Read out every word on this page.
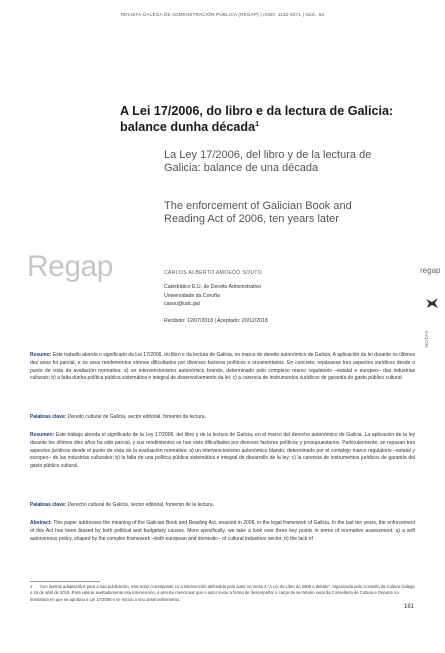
REVISTA GALEGA DE ADMINISTRACIÓN PÚBLICA (REGAP) | ISSN: 1132-8371 | Núm. 56
A Lei 17/2006, do libro e da lectura de Galicia: balance dunha década$^1$
La Ley 17/2006, del libro y de la lectura de Galicia: balance de una década
The enforcement of Galician Book and Reading Act of 2006, ten years later
Regap	CARLOS ALBERTO AMOEDO SOUTO
Catedrático E.U. de Dereito Administrativo
Universidade da Coruña
casou@udc.gal
Recibido: 12/07/2018 | Aceptado: 20/12/2018
regap
NOTAS
Resumo: Este traballo aborda o significado da Lei 17/2006, do libro e da lectura de Galicia, no marco do dereito autonómico de Galicia. A aplicación da lei durante os últimos dez anos foi parcial, e os seus rendementos vironse dificultados por diversos factores políticos e orzamentarios. En concreto, repásanse tres aspectos xurídicos desde o punto de vista da avaliación normativa: a) un intervencionismo autonómico brando, determinado polo complexo marco regulatorio –estatal e europeo– das industrias culturais; b) a falta dunha política pública sistemática e integral de desenvolvemento da lei; c) a carencia de instrumentos xurídicos de garantía do gasto público cultural.
Palabras clave: Dereito cultural de Galicia, sector editorial, fomento da lectura.
Resumen: Este trabajo aborda el significado de la Ley 17/2006, del libro y de la lectura de Galicia, en el marco del derecho autonómico de Galicia. La aplicación de la ley durante los últimos diez años ha sido parcial, y sus rendimientos se han visto dificultados por diversos factores políticos y presupuestarios. Particularmente, se repasan tres aspectos jurídicos desde el punto de vista de la evaluación normativa: a) un intervencionismo autonómico blando, determinado por el complejo marco regulatorio –estatal y europeo– de las industrias culturales; b) la falta de una política pública sistemática e integral de desarrollo de la ley; c) la carencia de instrumentos jurídicos de garantía del gasto público cultural.
Palabras clave: Derecho cultural de Galicia, sector editorial, fomento de la lectura.
Abstract: This paper addresses the meaning of the Galician Book and Reading Act, enacted in 2006, in the legal framework of Galicia. In the last ten years, the enforcement of this Act has been biased by both political and budgetary causes. More specifically, we take a look over three key points in terms of normative assessment: a) a soft autonomous policy, shaped by the complex framework –both european and domestic– of cultural industries sector; b) the lack of
1 Con lixeiras adaptacións para a súa publicación, este texto corresponde co a intervención defendida polo autor na mesa 3 "A Lei do Libro do 2006 a debate", organizada polo Consello da Cultura Galega o 19 de abril de 2018. Para valorar axeitadamente esa intervención, é preciso mencionar que o autor levou a forma de desempeñar o cargo de secretario xeral da Consellería de Cultura e Deporte na lexislatura en que se aprobou a Lei 17/2006 e se iniciou o seu desenvolvemento.
161
